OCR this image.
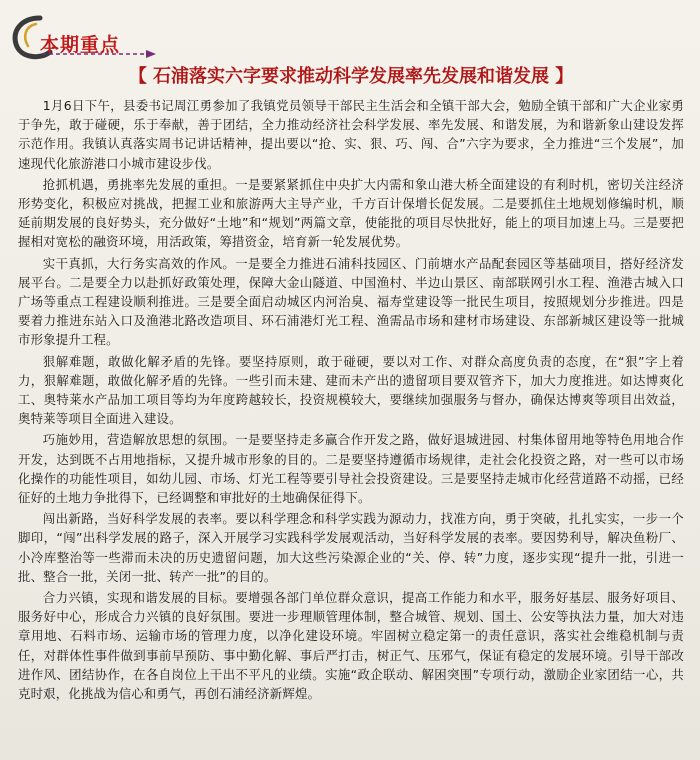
本期重点
【 石浦落实六字要求推动科学发展率先发展和谐发展 】

1月6日下午，县委书记周江勇参加了我镇党员领导干部民主生活会和全镇干部大会，勉励全镇干部和广大企业家勇于争先，敢于碰硬，乐于奉献，善于团结，全力推动经济社会科学发展、率先发展、和谐发展，为和谐新象山建设发挥示范作用。我镇认真落实周书记讲话精神，提出要以“抢、实、狠、巧、闯、合”六字为要求，全力推进“三个发展”，加速现代化旅游港口小城市建设步伐。

抢抓机遇，勇挑率先发展的重担。一是要紧紧抓住中央扩大内需和象山港大桥全面建设的有利时机，密切关注经济形势变化，积极应对挑战，把握工业和旅游两大主导产业，千方百计保增长促发展。二是要抓住土地规划修编时机，顺延前期发展的良好势头，充分做好“土地”和“规划”两篇文章，使能批的项目尽快批好，能上的项目加速上马。三是要把握相对宽松的融资环境，用活政策，筹措资金，培育新一轮发展优势。

实干真抓，大行务实高效的作风。一是要全力推进石浦科技园区、门前塘水产品配套园区等基础项目，搭好经济发展平台。二是要全力以赴抓好政策处理，保障大金山隧道、中国渔村、半边山景区、南部联网引水工程、渔港古城入口广场等重点工程建设顺利推进。三是要全面启动城区内河治臭、福寿堂建设等一批民生项目，按照规划分步推进。四是要着力推进东站入口及渔港北路改造项目、环石浦港灯光工程、渔需品市场和建材市场建设、东部新城区建设等一批城市形象提升工程。

狠解难题，敢做化解矛盾的先锋。要坚持原则，敢于碰硬，要以对工作、对群众高度负责的态度，在“狠”字上着力，狠解难题，敢做化解矛盾的先锋。一些引而未建、建而未产出的遗留项目要双管齐下，加大力度推进。如达博爽化工、奥特莱水产品加工项目等均为年度跨越较长，投资规模较大，要继续加强服务与督办，确保达博爽等项目出效益，奥特莱等项目全面进入建设。

巧施妙用，营造解放思想的氛围。一是要坚持走多赢合作开发之路，做好退城进园、村集体留用地等特色用地合作开发，达到既不占用地指标，又提升城市形象的目的。二是要坚持遵循市场规律，走社会化投资之路，对一些可以市场化操作的功能性项目，如幼儿园、市场、灯光工程等要引导社会投资建设。三是要坚持走城市化经营道路不动摇，已经征好的土地力争批得下，已经调整和审批好的土地确保征得下。

闯出新路，当好科学发展的表率。要以科学理念和科学实践为源动力，找准方向，勇于突破，扎扎实实，一步一个脚印，“闯”出科学发展的路子，深入开展学习实践科学发展观活动，当好科学发展的表率。要因势利导，解决鱼粉厂、小冷库整治等一些滞而未决的历史遗留问题，加大这些污染源企业的“关、停、转”力度，逐步实现“提升一批，引进一批、整合一批，关闭一批、转产一批”的目的。

合力兴镇，实现和谐发展的目标。要增强各部门单位群众意识，提高工作能力和水平，服务好基层、服务好项目、服务好中心，形成合力兴镇的良好氛围。要进一步理顺管理体制，整合城管、规划、国土、公安等执法力量，加大对违章用地、石料市场、运输市场的管理力度，以净化建设环境。牢固树立稳定第一的责任意识，落实社会维稳机制与责任，对群体性事件做到事前早预防、事中勤化解、事后严打击，树正气、压邪气，保证有稳定的发展环境。引导干部改进作风、团结协作，在各自岗位上干出不平凡的业绩。实施“政企联动、解困突围”专项行动，激励企业家团结一心，共克时艰，化挑战为信心和勇气，再创石浦经济新辉煌。
